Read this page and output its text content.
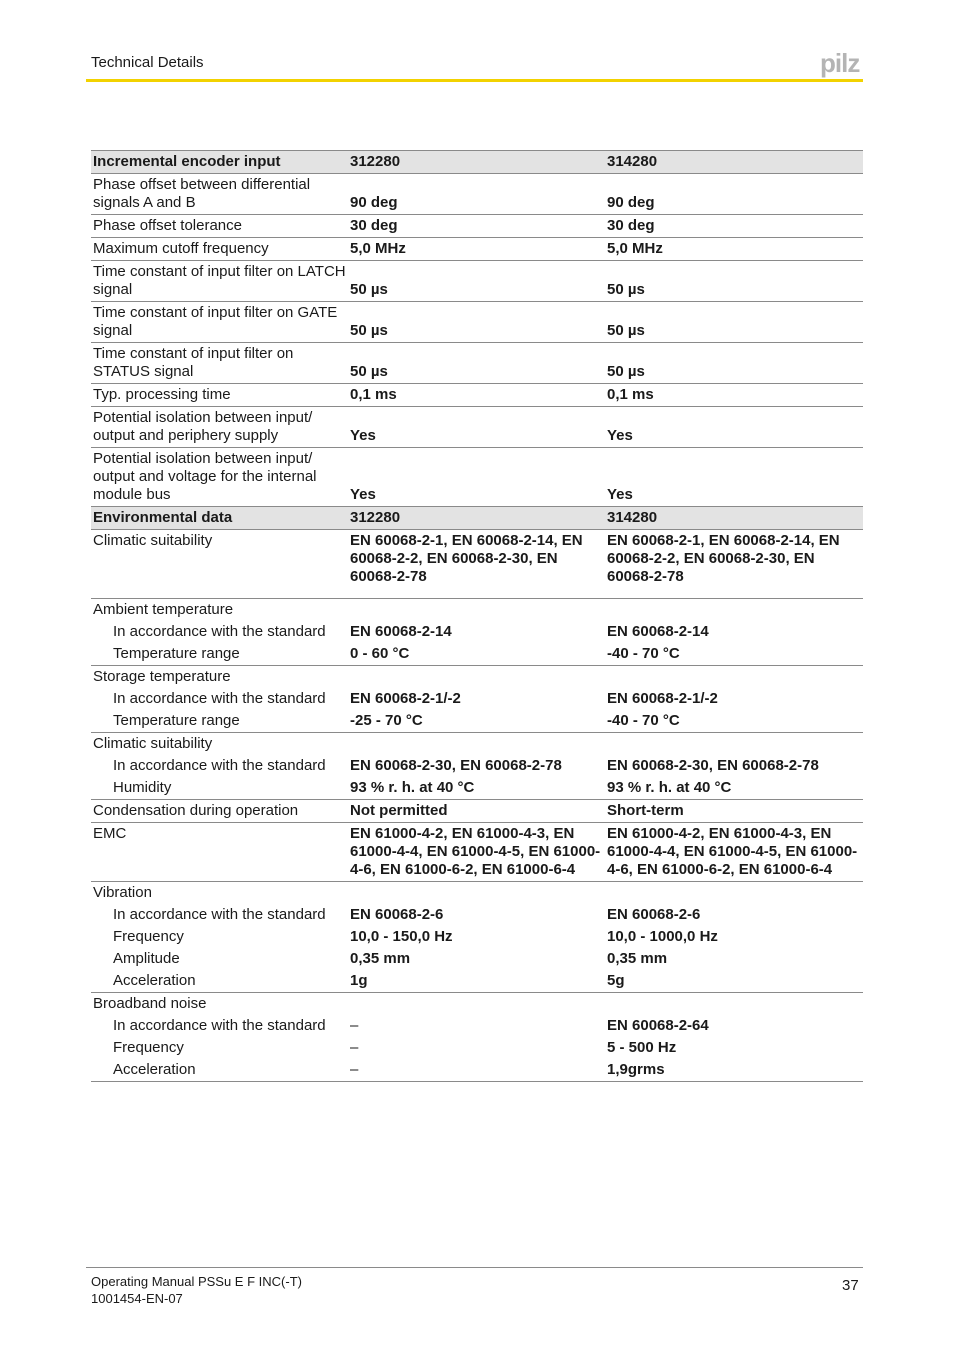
Technical Details	pilz
Incremental encoder input	312280	314280
Phase offset between differential signals A and B	90 deg	90 deg
Phase offset tolerance	30 deg	30 deg
Maximum cutoff frequency	5,0 MHz	5,0 MHz
Time constant of input filter on LATCH signal	50 µs	50 µs
Time constant of input filter on GATE signal	50 µs	50 µs
Time constant of input filter on STATUS signal	50 µs	50 µs
Typ. processing time	0,1 ms	0,1 ms
Potential isolation between input/ output and periphery supply	Yes	Yes
Potential isolation between input/ output and voltage for the internal module bus	Yes	Yes
Environmental data	312280	314280
Climatic suitability	EN 60068-2-1, EN 60068-2-14, EN 60068-2-2, EN 60068-2-30, EN 60068-2-78	EN 60068-2-1, EN 60068-2-14, EN 60068-2-2, EN 60068-2-30, EN 60068-2-78
Ambient temperature		
In accordance with the standard	EN 60068-2-14	EN 60068-2-14
Temperature range	0 - 60 °C	-40 - 70 °C
Storage temperature		
In accordance with the standard	EN 60068-2-1/-2	EN 60068-2-1/-2
Temperature range	-25 - 70 °C	-40 - 70 °C
Climatic suitability		
In accordance with the standard	EN 60068-2-30, EN 60068-2-78	EN 60068-2-30, EN 60068-2-78
Humidity	93 % r. h. at 40 °C	93 % r. h. at 40 °C
Condensation during operation	Not permitted	Short-term
EMC	EN 61000-4-2, EN 61000-4-3, EN 61000-4-4, EN 61000-4-5, EN 61000-4-6, EN 61000-6-2, EN 61000-6-4	EN 61000-4-2, EN 61000-4-3, EN 61000-4-4, EN 61000-4-5, EN 61000-4-6, EN 61000-6-2, EN 61000-6-4
Vibration		
In accordance with the standard	EN 60068-2-6	EN 60068-2-6
Frequency	10,0 - 150,0 Hz	10,0 - 1000,0 Hz
Amplitude	0,35 mm	0,35 mm
Acceleration	1g	5g
Broadband noise		
In accordance with the standard	–	EN 60068-2-64
Frequency	–	5 - 500 Hz
Acceleration	–	1,9grms
Operating Manual PSSu E F INC(-T)
1001454-EN-07
37
